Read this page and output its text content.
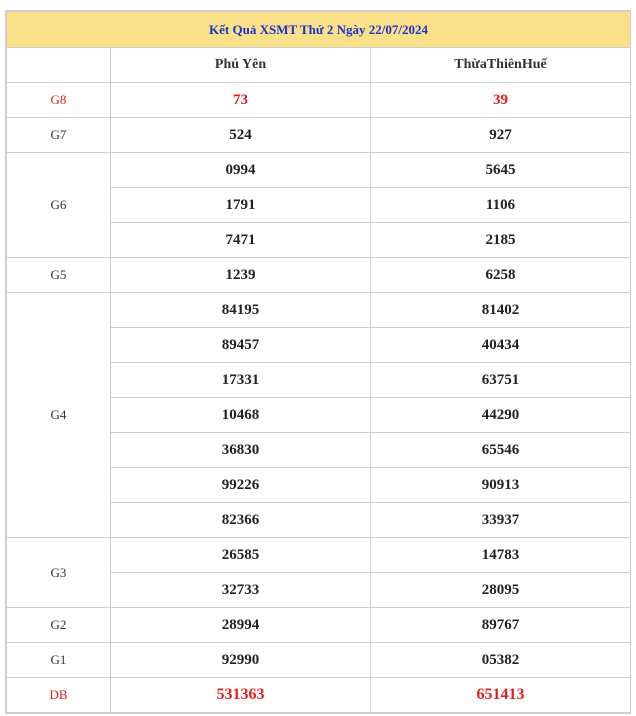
Kết Quả XSMT Thứ 2 Ngày 22/07/2024		
	Phú Yên	ThừaThiênHuế
G8	73	39
G7	524	927
G6	0994	5645
	1791	1106
	7471	2185
G5	1239	6258
G4	84195	81402
	89457	40434
	17331	63751
	10468	44290
	36830	65546
	99226	90913
	82366	33937
G3	26585	14783
	32733	28095
G2	28994	89767
G1	92990	05382
DB	531363	651413
